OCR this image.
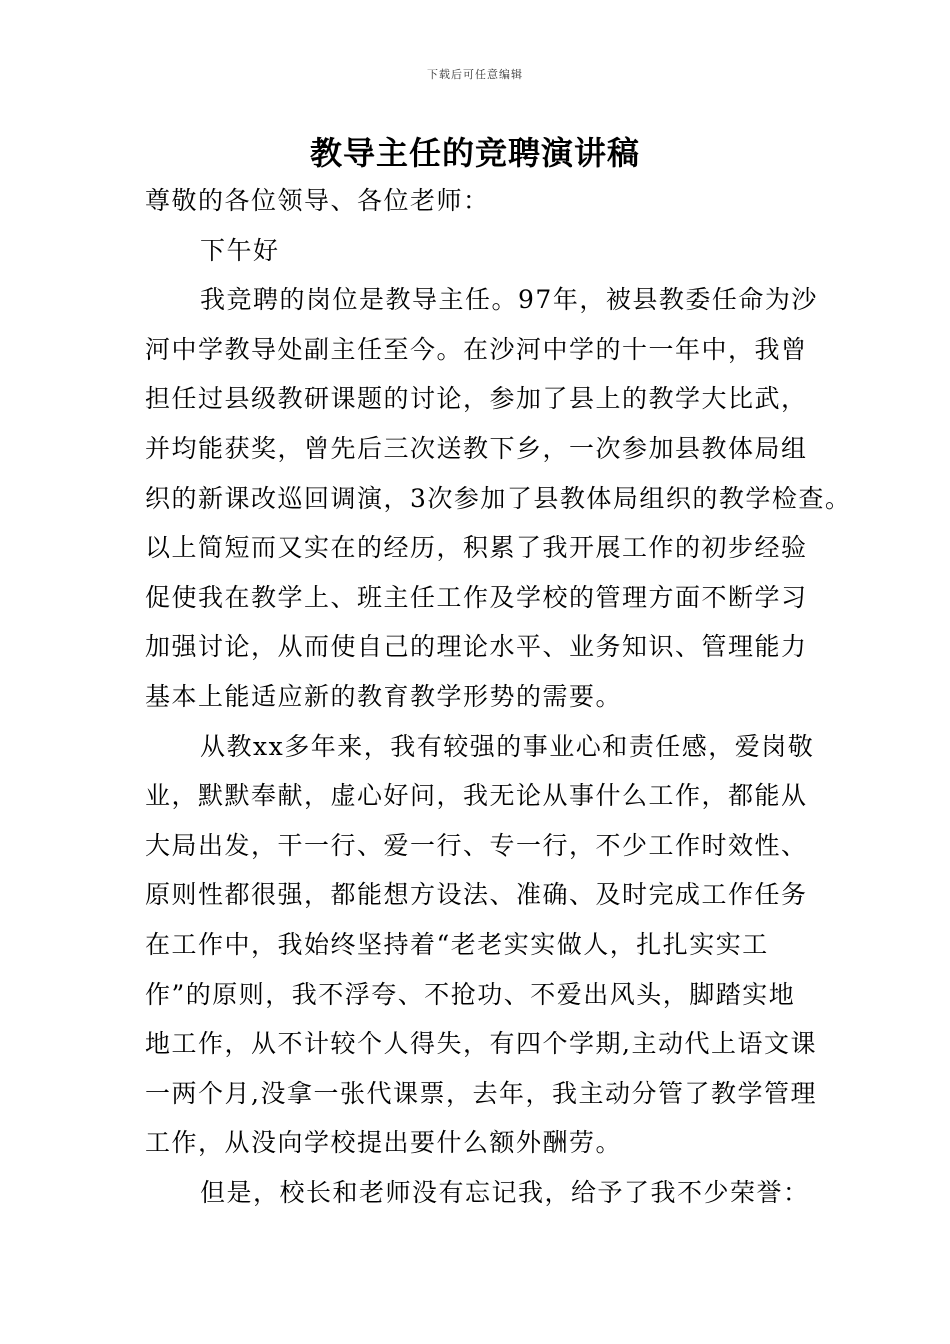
下载后可任意编辑
教导主任的竞聘演讲稿
尊敬的各位领导、各位老师：
下午好
我竞聘的岗位是教导主任。97年，被县教委任命为沙
河中学教导处副主任至今。在沙河中学的十一年中，我曾
担任过县级教研课题的讨论，参加了县上的教学大比武，
并均能获奖，曾先后三次送教下乡，一次参加县教体局组
织的新课改巡回调演，3次参加了县教体局组织的教学检查。
以上简短而又实在的经历，积累了我开展工作的初步经验
促使我在教学上、班主任工作及学校的管理方面不断学习
加强讨论，从而使自己的理论水平、业务知识、管理能力
基本上能适应新的教育教学形势的需要。
从教xx多年来，我有较强的事业心和责任感，爱岗敬
业，默默奉献，虚心好问，我无论从事什么工作，都能从
大局出发，干一行、爱一行、专一行，不少工作时效性、
原则性都很强，都能想方设法、准确、及时完成工作任务
在工作中，我始终坚持着“老老实实做人，扎扎实实工
作”的原则，我不浮夸、不抢功、不爱出风头，脚踏实地
地工作，从不计较个人得失，有四个学期,主动代上语文课
一两个月,没拿一张代课票，去年，我主动分管了教学管理
工作，从没向学校提出要什么额外酬劳。
但是，校长和老师没有忘记我，给予了我不少荣誉：
